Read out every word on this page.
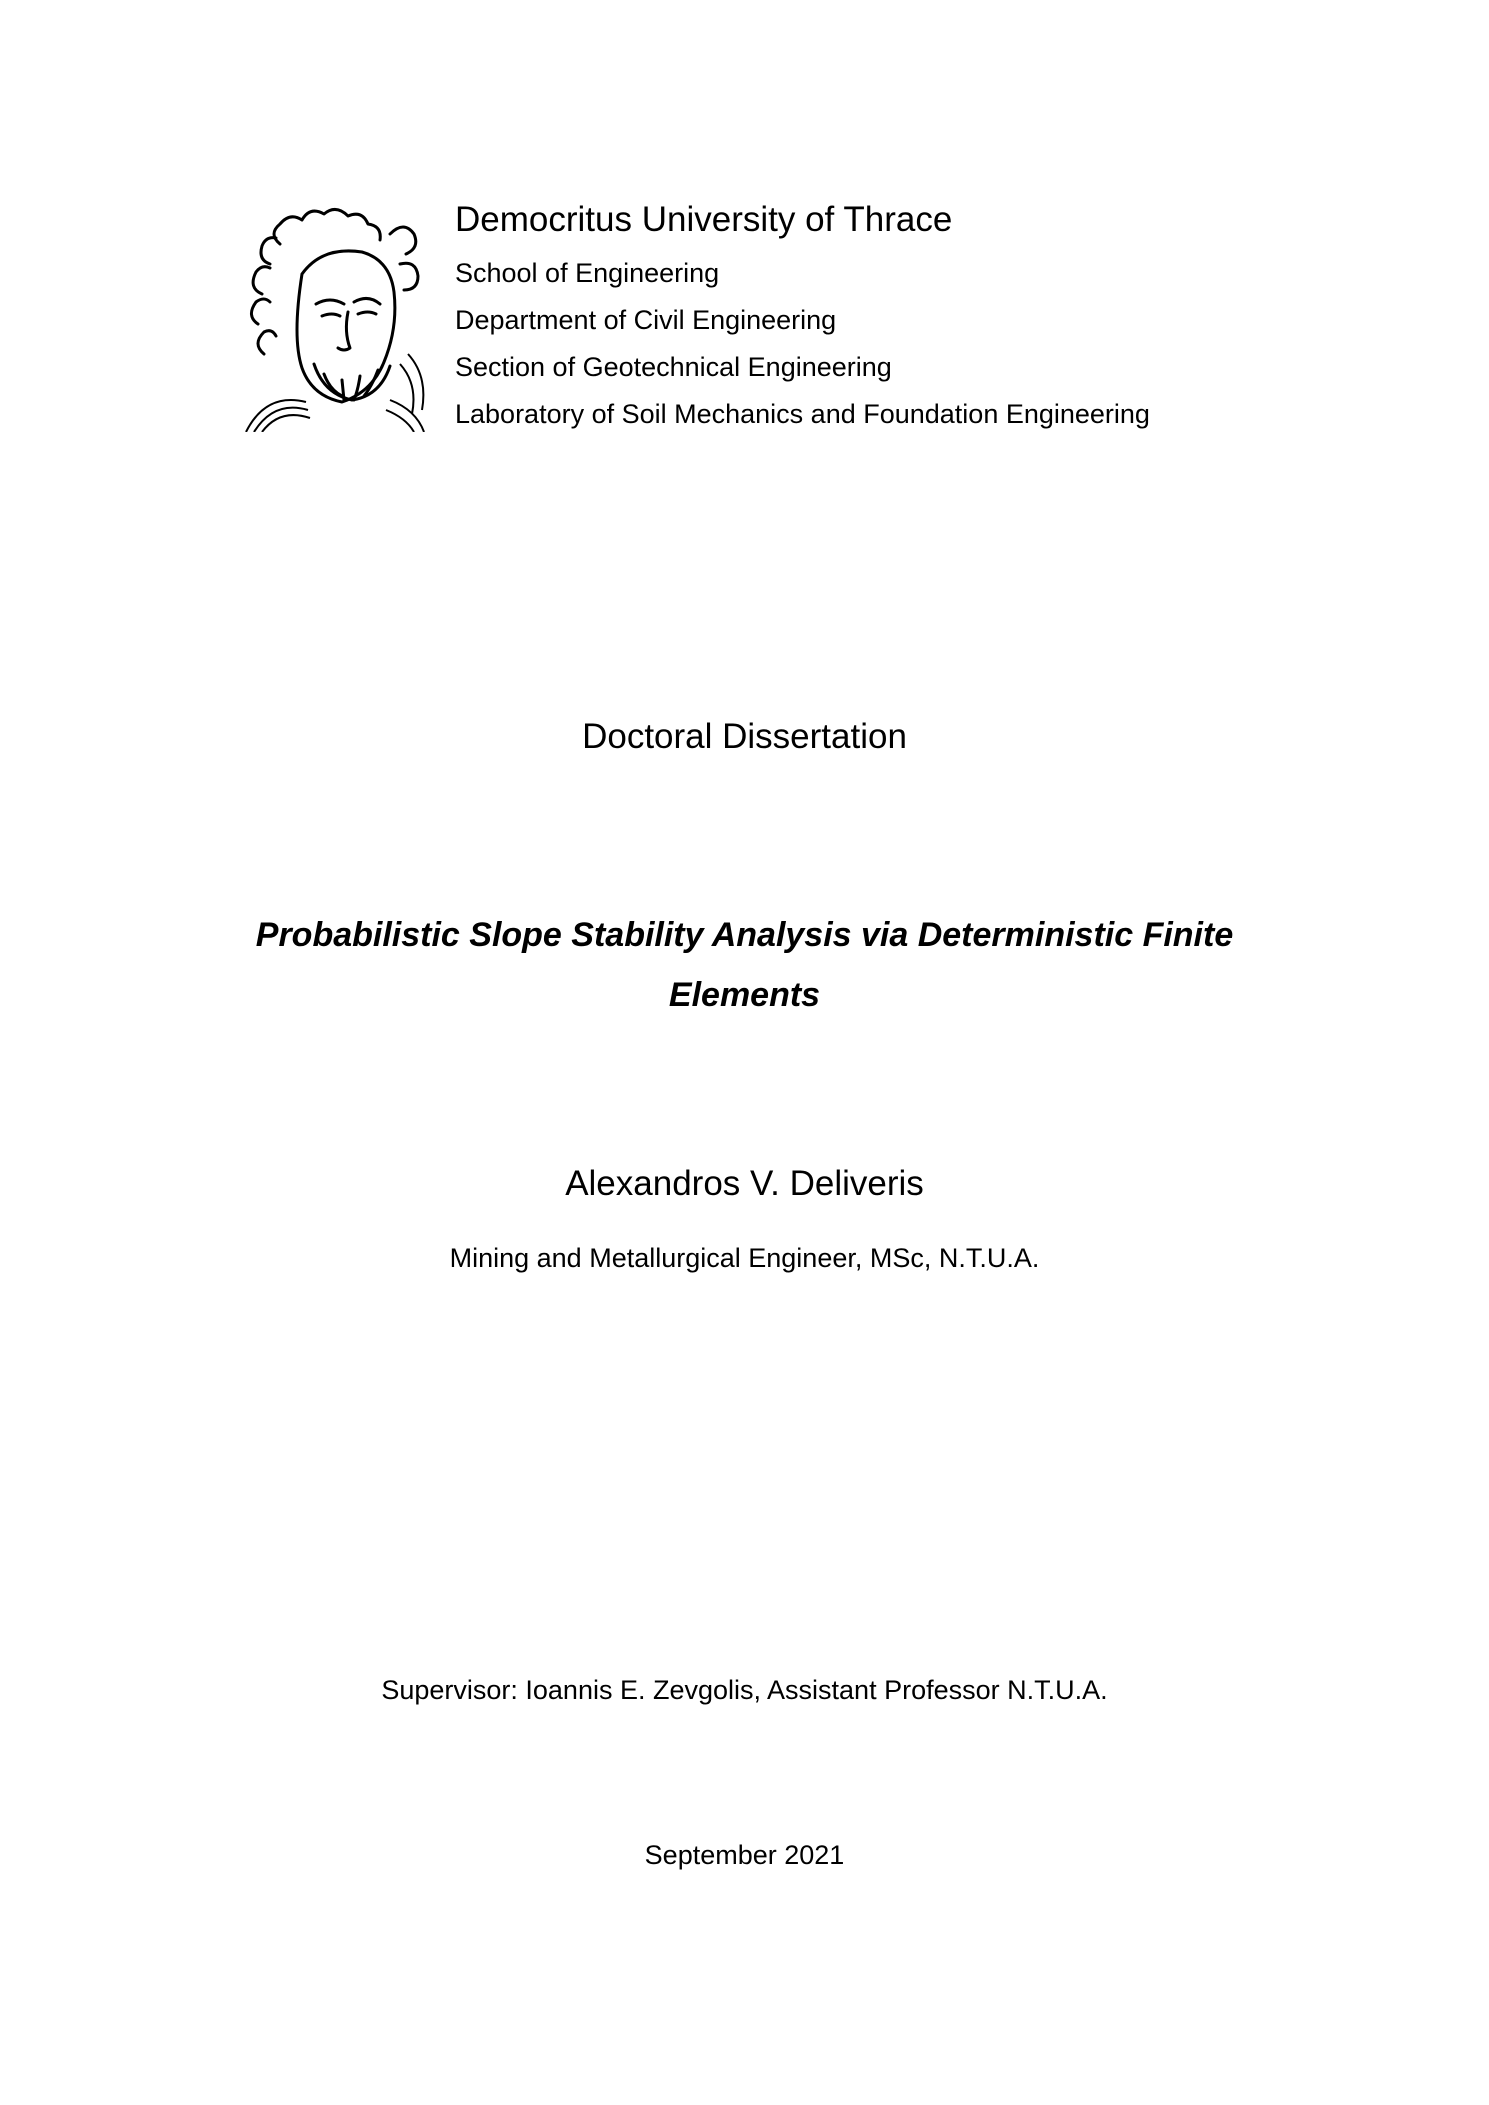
Democritus University of Thrace
School of Engineering
Department of Civil Engineering
Section of Geotechnical Engineering
Laboratory of Soil Mechanics and Foundation Engineering
Doctoral Dissertation
Probabilistic Slope Stability Analysis via Deterministic Finite
Elements
Alexandros V. Deliveris
Mining and Metallurgical Engineer, MSc, N.T.U.A.
Supervisor: Ioannis E. Zevgolis, Assistant Professor N.T.U.A.
September 2021
